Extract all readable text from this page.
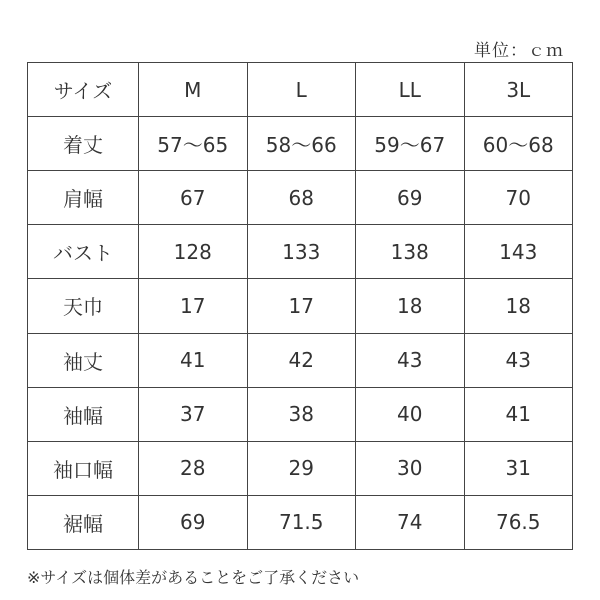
単位：ｃｍ
サイズ	M	L	LL	3L
着丈	57〜65	58〜66	59〜67	60〜68
肩幅	67	68	69	70
バスト	128	133	138	143
天巾	17	17	18	18
袖丈	41	42	43	43
袖幅	37	38	40	41
袖口幅	28	29	30	31
裾幅	69	71.5	74	76.5
※サイズは個体差があることをご了承ください
